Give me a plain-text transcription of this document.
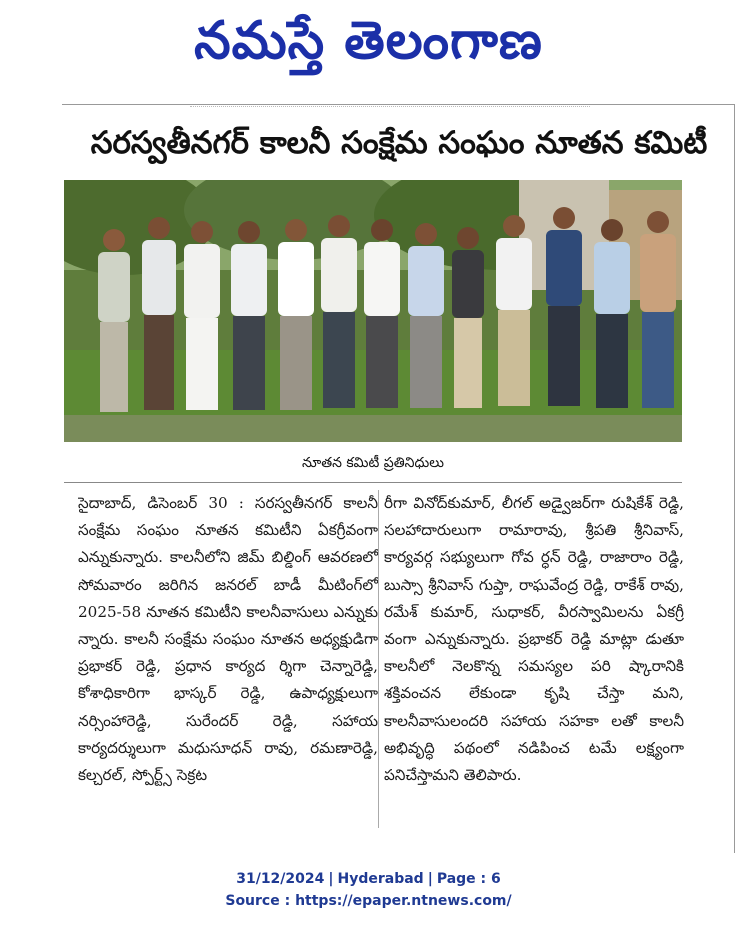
నమస్తే తెలంగాణ
సరస్వతీనగర్ కాలనీ సంక్షేమ సంఘం నూతన కమిటీ
నూతన కమిటీ ప్రతినిధులు
సైదాబాద్, డిసెంబర్ 30 : సరస్వతీనగర్ కాలనీ సంక్షేమ సంఘం నూతన కమిటీని ఏకగ్రీవంగా ఎన్నుకున్నారు. కాలనీలోని జిమ్ బిల్డింగ్ ఆవరణలో సోమవారం జరిగిన జనరల్ బాడీ మీటింగ్‌లో 2025-58 నూతన కమిటీని కాలనీవాసులు ఎన్నుకు న్నారు. కాలనీ సంక్షేమ సంఘం నూతన అధ్యక్షుడిగా ప్రభాకర్ రెడ్డి, ప్రధాన కార్యద ర్శిగా చెన్నారెడ్డి, కోశాధికారిగా భాస్కర్ రెడ్డి, ఉపాధ్యక్షులుగా నర్సింహారెడ్డి, సురేందర్ రెడ్డి, సహాయ కార్యదర్శులుగా మధుసూధన్ రావు, రమణారెడ్డి, కల్చరల్, స్పోర్ట్స్ సెక్రట
రీగా వినోద్‌కుమార్, లీగల్ అడ్వైజర్‌గా రుషికేశ్ రెడ్డి, సలహాదారులుగా రామారావు, శ్రీపతి శ్రీనివాస్, కార్యవర్గ సభ్యులుగా గోవ ర్ధన్ రెడ్డి, రాజారాం రెడ్డి, బుస్సా శ్రీనివాస్ గుప్తా, రాఘవేంద్ర రెడ్డి, రాకేశ్ రావు, రమేశ్ కుమార్, సుధాకర్, వీరస్వామిలను ఏకగ్రీ వంగా ఎన్నుకున్నారు. ప్రభాకర్ రెడ్డి మాట్లా డుతూ కాలనీలో నెలకొన్న సమస్యల పరి ష్కారానికి శక్తివంచన లేకుండా కృషి చేస్తా మని, కాలనీవాసులందరి సహాయ సహకా లతో కాలనీ అభివృద్ధి పథంలో నడిపించ టమే లక్ష్యంగా పనిచేస్తామని తెలిపారు.
31/12/2024 | Hyderabad | Page : 6
Source : https://epaper.ntnews.com/
